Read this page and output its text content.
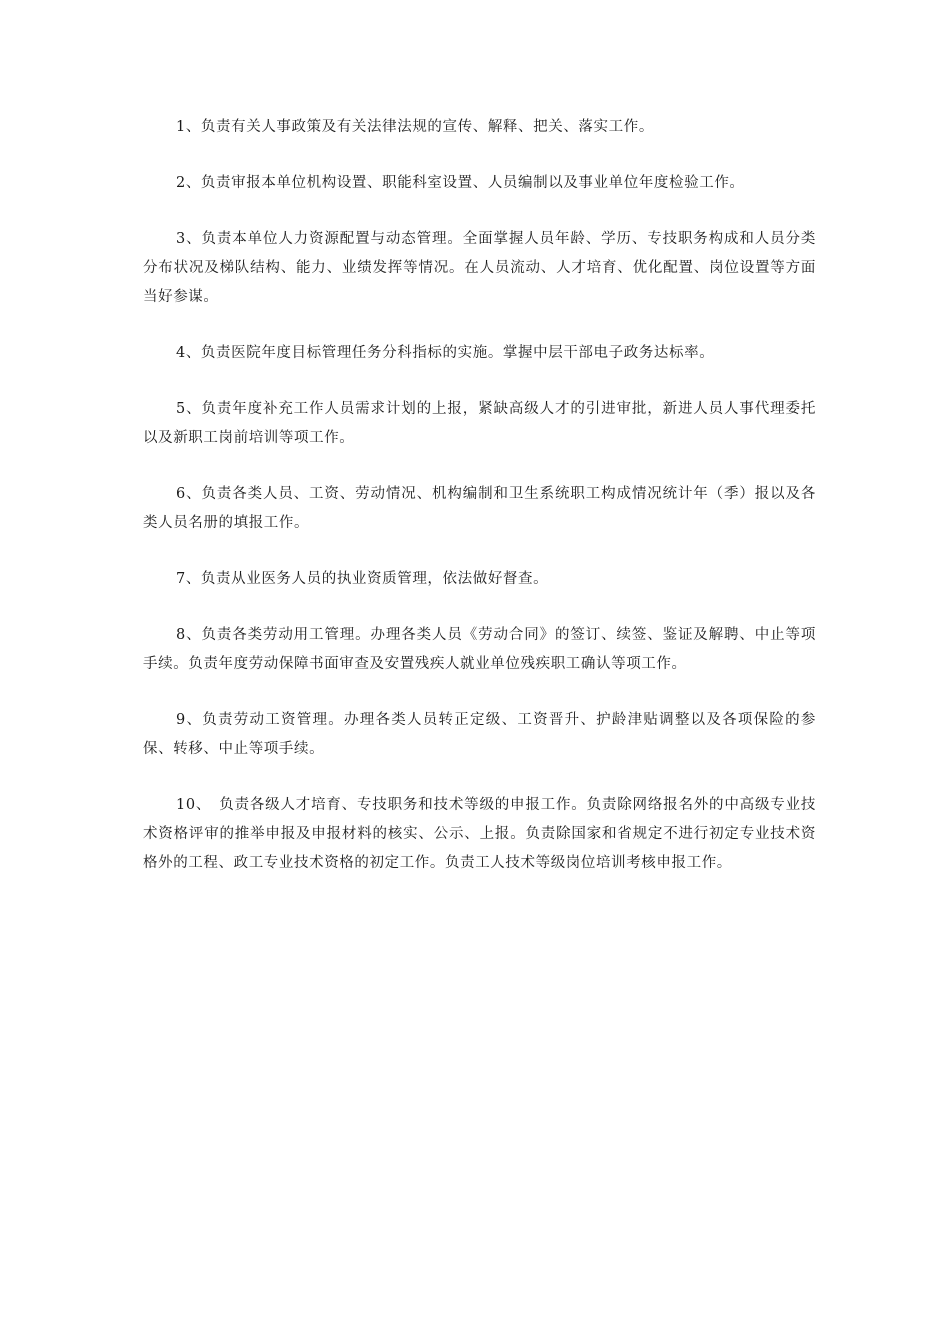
1、负责有关人事政策及有关法律法规的宣传、解释、把关、落实工作。

2、负责审报本单位机构设置、职能科室设置、人员编制以及事业单位年度检验工作。

3、负责本单位人力资源配置与动态管理。全面掌握人员年龄、学历、专技职务构成和人员分类分布状况及梯队结构、能力、业绩发挥等情况。在人员流动、人才培育、优化配置、岗位设置等方面当好参谋。

4、负责医院年度目标管理任务分科指标的实施。掌握中层干部电子政务达标率。

5、负责年度补充工作人员需求计划的上报，紧缺高级人才的引进审批，新进人员人事代理委托以及新职工岗前培训等项工作。

6、负责各类人员、工资、劳动情况、机构编制和卫生系统职工构成情况统计年（季）报以及各类人员名册的填报工作。

7、负责从业医务人员的执业资质管理，依法做好督查。

8、负责各类劳动用工管理。办理各类人员《劳动合同》的签订、续签、鉴证及解聘、中止等项手续。负责年度劳动保障书面审查及安置残疾人就业单位残疾职工确认等项工作。

9、负责劳动工资管理。办理各类人员转正定级、工资晋升、护龄津贴调整以及各项保险的参保、转移、中止等项手续。

10、　负责各级人才培育、专技职务和技术等级的申报工作。负责除网络报名外的中高级专业技术资格评审的推举申报及申报材料的核实、公示、上报。负责除国家和省规定不进行初定专业技术资格外的工程、政工专业技术资格的初定工作。负责工人技术等级岗位培训考核申报工作。
